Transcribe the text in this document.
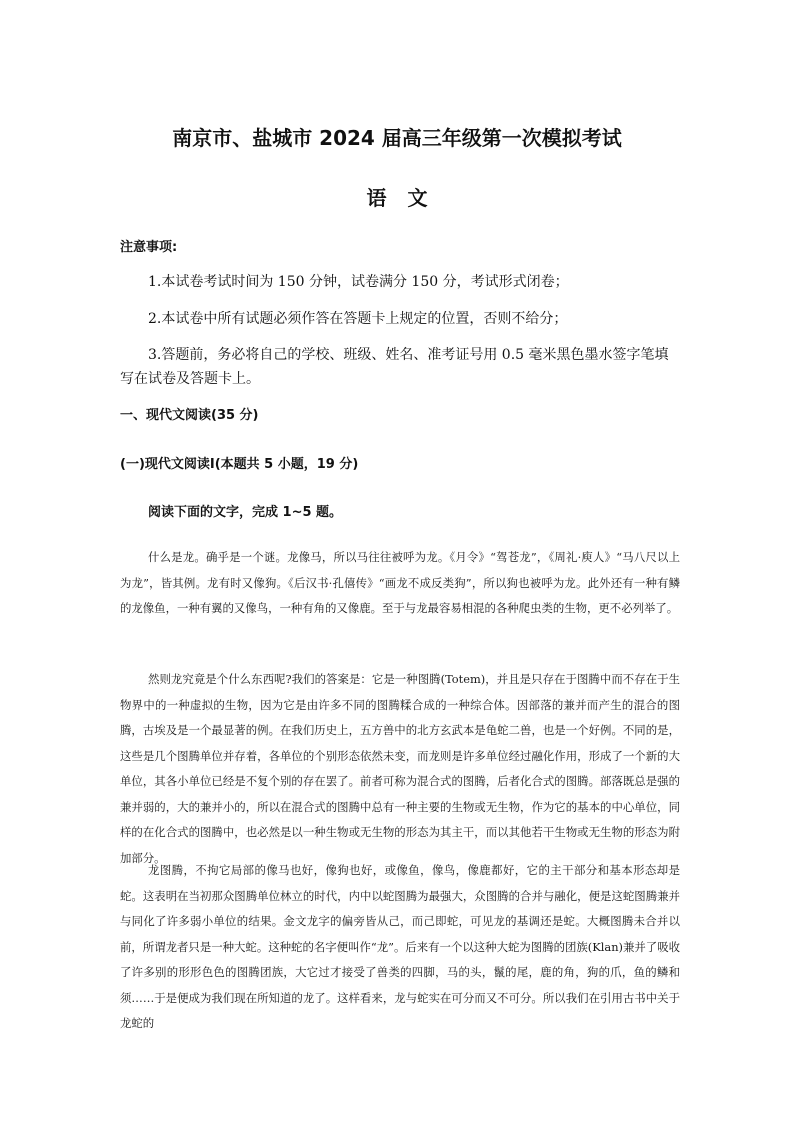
南京市、盐城市 2024 届高三年级第一次模拟考试
语 文
注意事项:
1.本试卷考试时间为 150 分钟，试卷满分 150 分，考试形式闭卷；
2.本试卷中所有试题必须作答在答题卡上规定的位置，否则不给分；
3.答题前，务必将自己的学校、班级、姓名、准考证号用 0.5 毫米黑色墨水签字笔填写在试卷及答题卡上。
一、现代文阅读(35 分)
(一)现代文阅读Ⅰ(本题共 5 小题，19 分)
阅读下面的文字，完成 1~5 题。
什么是龙。确乎是一个谜。龙像马，所以马往往被呼为龙。《月令》“驾苍龙”，《周礼·庾人》“马八尺以上为龙”，皆其例。龙有时又像狗。《后汉书·孔僖传》“画龙不成反类狗”，所以狗也被呼为龙。此外还有一种有鳞的龙像鱼，一种有翼的又像鸟，一种有角的又像鹿。至于与龙最容易相混的各种爬虫类的生物，更不必列举了。
然则龙究竟是个什么东西呢?我们的答案是：它是一种图腾(Totem)，并且是只存在于图腾中而不存在于生物界中的一种虚拟的生物，因为它是由许多不同的图腾糅合成的一种综合体。因部落的兼并而产生的混合的图腾，古埃及是一个最显著的例。在我们历史上，五方兽中的北方玄武本是龟蛇二兽，也是一个好例。不同的是，这些是几个图腾单位并存着，各单位的个别形态依然未变，而龙则是许多单位经过融化作用，形成了一个新的大单位，其各小单位已经是不复个别的存在罢了。前者可称为混合式的图腾，后者化合式的图腾。部落既总是强的兼并弱的，大的兼并小的，所以在混合式的图腾中总有一种主要的生物或无生物，作为它的基本的中心单位，同样的在化合式的图腾中，也必然是以一种生物或无生物的形态为其主干，而以其他若干生物或无生物的形态为附加部分。
龙图腾，不拘它局部的像马也好，像狗也好，或像鱼，像鸟，像鹿都好，它的主干部分和基本形态却是蛇。这表明在当初那众图腾单位林立的时代，内中以蛇图腾为最强大，众图腾的合并与融化，便是这蛇图腾兼并与同化了许多弱小单位的结果。金文龙字的偏旁皆从己，而己即蛇，可见龙的基调还是蛇。大概图腾未合并以前，所谓龙者只是一种大蛇。这种蛇的名字便叫作“龙”。后来有一个以这种大蛇为图腾的团族(Klan)兼并了吸收了许多别的形形色色的图腾团族，大它过才接受了兽类的四脚，马的头，鬣的尾，鹿的角，狗的爪，鱼的鳞和须……于是便成为我们现在所知道的龙了。这样看来，龙与蛇实在可分而又不可分。所以我们在引用古书中关于龙蛇的
